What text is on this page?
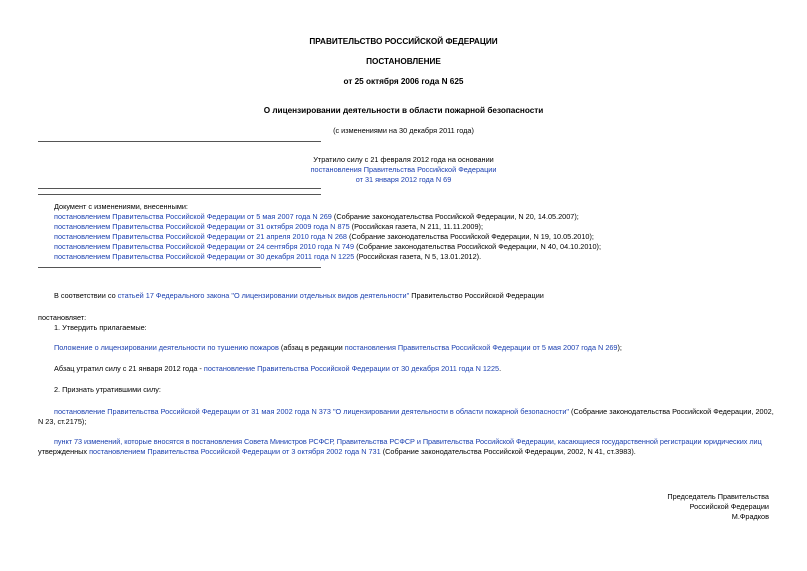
ПРАВИТЕЛЬСТВО РОССИЙСКОЙ ФЕДЕРАЦИИ
ПОСТАНОВЛЕНИЕ
от 25 октября 2006 года N 625
О лицензировании деятельности в области пожарной безопасности
(с изменениями на 30 декабря 2011 года)
Утратило силу с 21 февраля 2012 года на основании
постановления Правительства Российской Федерации
от 31 января 2012 года N 69
Документ с изменениями, внесенными:
постановлением Правительства Российской Федерации от 5 мая 2007 года N 269 (Собрание законодательства Российской Федерации, N 20, 14.05.2007);
постановлением Правительства Российской Федерации от 31 октября 2009 года N 875 (Российская газета, N 211, 11.11.2009);
постановлением Правительства Российской Федерации от 21 апреля 2010 года N 268 (Собрание законодательства Российской Федерации, N 19, 10.05.2010);
постановлением Правительства Российской Федерации от 24 сентября 2010 года N 749 (Собрание законодательства Российской Федерации, N 40, 04.10.2010);
постановлением Правительства Российской Федерации от 30 декабря 2011 года N 1225 (Российская газета, N 5, 13.01.2012).
В соответствии со статьей 17 Федерального закона "О лицензировании отдельных видов деятельности" Правительство Российской Федерации
постановляет:
1. Утвердить прилагаемые:
Положение о лицензировании деятельности по тушению пожаров (абзац в редакции постановления Правительства Российской Федерации от 5 мая 2007 года N 269);
Абзац утратил силу с 21 января 2012 года - постановление Правительства Российской Федерации от 30 декабря 2011 года N 1225.
2. Признать утратившими силу:
постановление Правительства Российской Федерации от 31 мая 2002 года N 373 "О лицензировании деятельности в области пожарной безопасности" (Собрание законодательства Российской Федерации, 2002,
N 23, ст.2175);
пункт 73 изменений, которые вносятся в постановления Совета Министров РСФСР, Правительства РСФСР и Правительства Российской Федерации, касающиеся государственной регистрации юридических лиц
утвержденных постановлением Правительства Российской Федерации от 3 октября 2002 года N 731 (Собрание законодательства Российской Федерации, 2002, N 41, ст.3983).
Председатель Правительства
Российской Федерации
М.Фрадков
